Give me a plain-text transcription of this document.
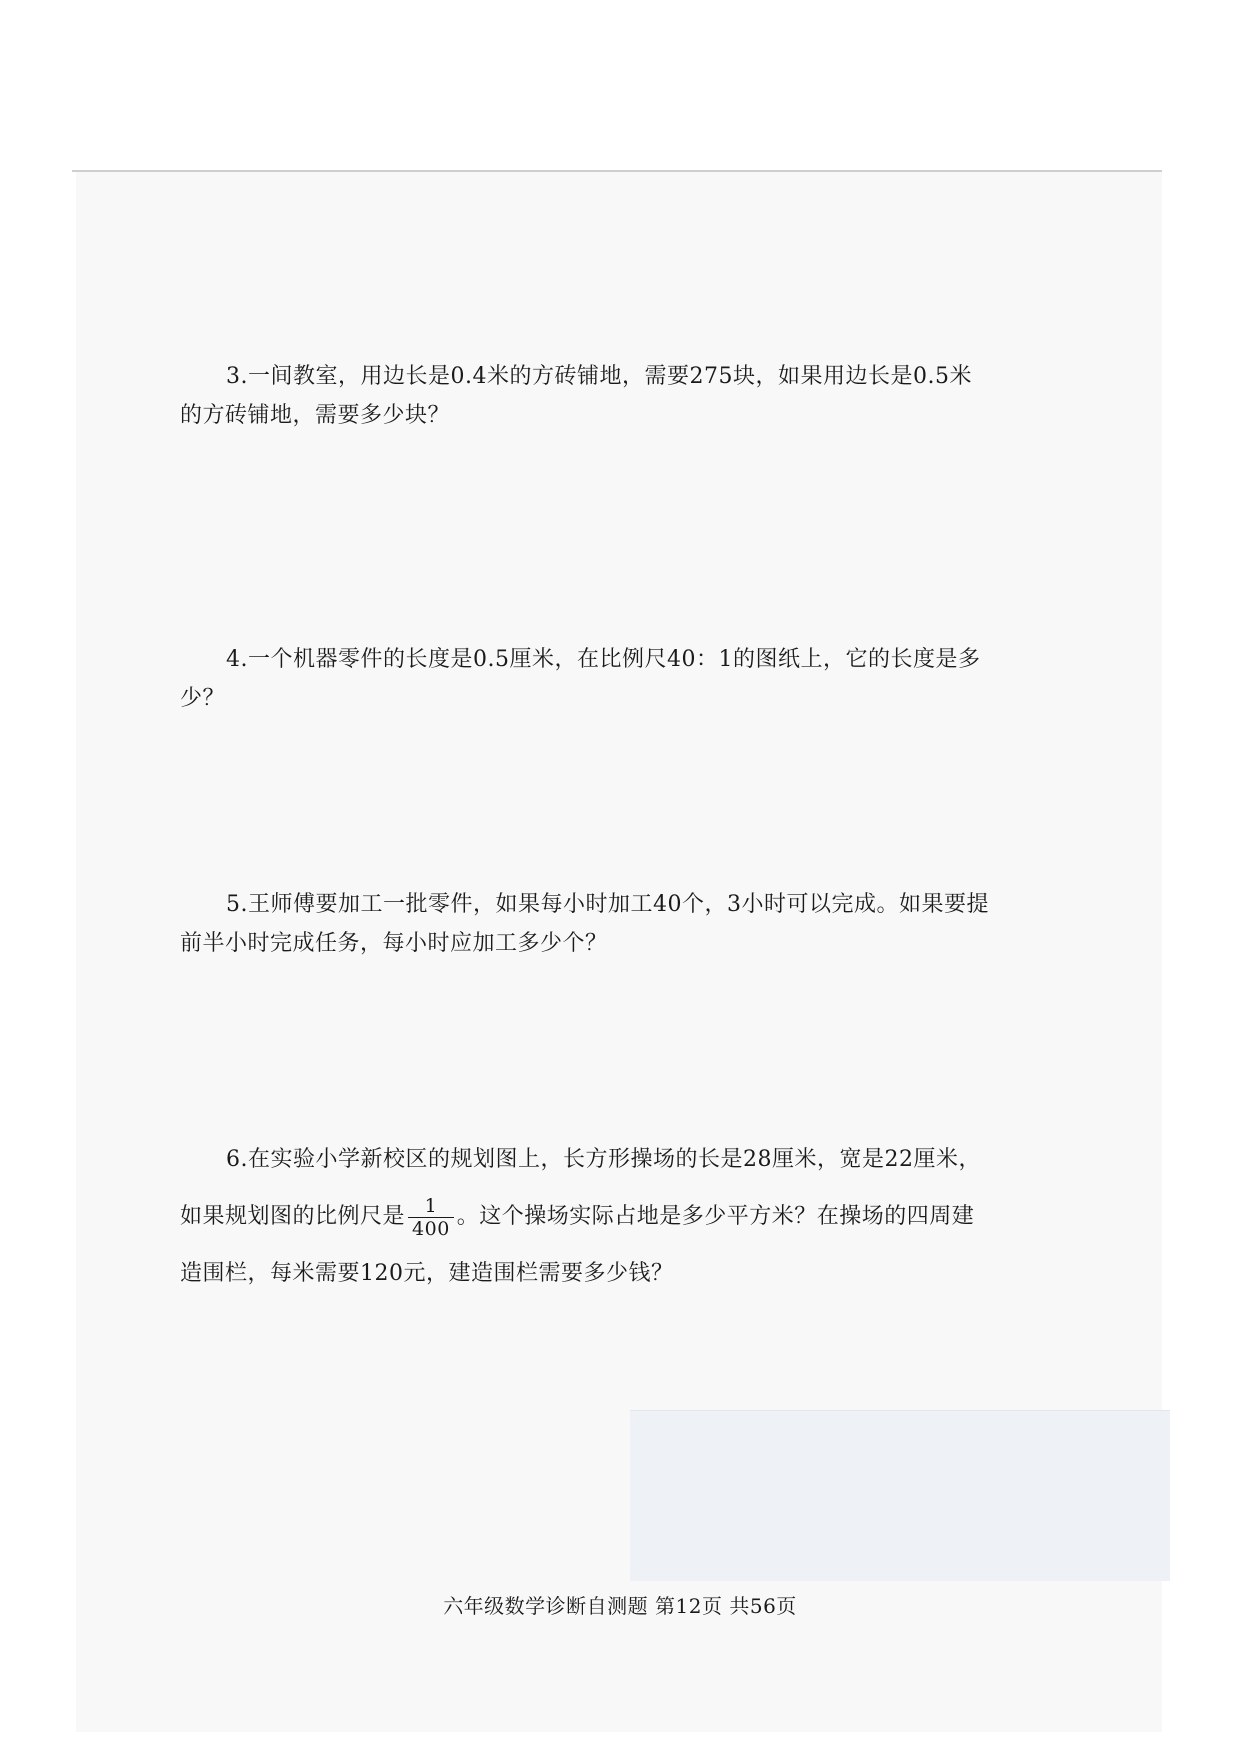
3.一间教室，用边长是0.4米的方砖铺地，需要275块，如果用边长是0.5米的方砖铺地，需要多少块？

4.一个机器零件的长度是0.5厘米，在比例尺40：1的图纸上，它的长度是多少？

5.王师傅要加工一批零件，如果每小时加工40个，3小时可以完成。如果要提前半小时完成任务，每小时应加工多少个？

6.在实验小学新校区的规划图上，长方形操场的长是28厘米，宽是22厘米，如果规划图的比例尺是 $\frac{1}{400}$ 。这个操场实际占地是多少平方米？在操场的四周建造围栏，每米需要120元，建造围栏需要多少钱？

六年级数学诊断自测题 第12页 共56页
